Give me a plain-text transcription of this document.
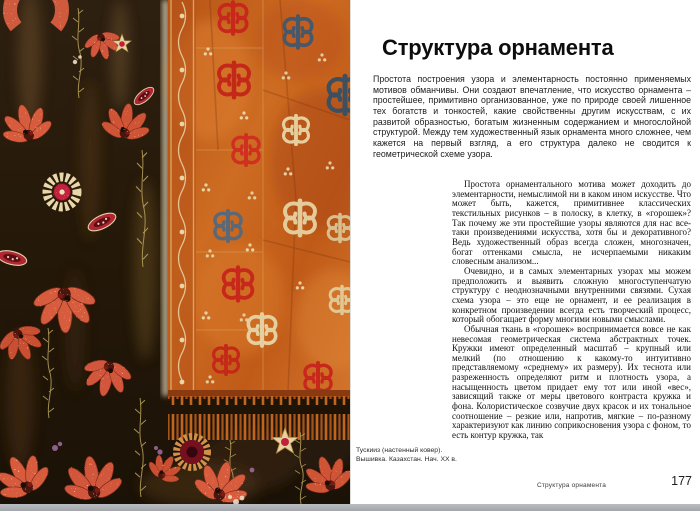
Структура орнамента
Простота построения узора и элементарность постоянно применяемых мотивов обманчивы. Они создают впечатление, что искусство орнамента – простейшее, примитивно организованное, уже по природе своей лишенное тех богатств и тонкостей, какие свойственны другим искусствам, с их развитой образностью, богатым жизненным содержанием и многослойной структурой. Между тем художественный язык орнамента много сложнее, чем кажется на первый взгляд, а его структура далеко не сводится к геометрической схеме узора.

Простота орнаментального мотива может доходить до элементарности, немыслимой ни в каком ином искусстве. Что может быть, кажется, примитивнее классических текстильных рисунков – в полоску, в клетку, в «горошек»? Так почему же эти простейшие узоры являются для нас все-таки произведениями искусства, хотя бы и декоративного? Ведь художественный образ всегда сложен, многозначен, богат оттенками смысла, не исчерпаемыми никаким словесным анализом...

Очевидно, и в самых элементарных узорах мы можем предположить и выявить сложную многоступенчатую структуру с неоднозначными внутренними связями. Сухая схема узора – это еще не орнамент, и ее реализация в конкретном произведении всегда есть творческий процесс, который обогащает форму многими новыми смыслами.

Обычная ткань в «горошек» воспринимается вовсе не как невесомая геометрическая система абстрактных точек. Кружки имеют определенный масштаб – крупный или мелкий (по отношению к какому-то интуитивно представляемому «среднему» их размеру). Их теснота или разреженность определяют ритм и плотность узора, а насыщенность цветом придает ему тот или иной «вес», зависящий также от меры цветового контраста кружка и фона. Колористическое созвучие двух красок и их тональное соотношение – резкие или, напротив, мягкие – по-разному характеризуют как линию соприкосновения узора с фоном, то есть контур кружка, так

Тускииз (настенный ковер).
Вышивка. Казахстан. Нач. XX в.
Структура орнамента	177
